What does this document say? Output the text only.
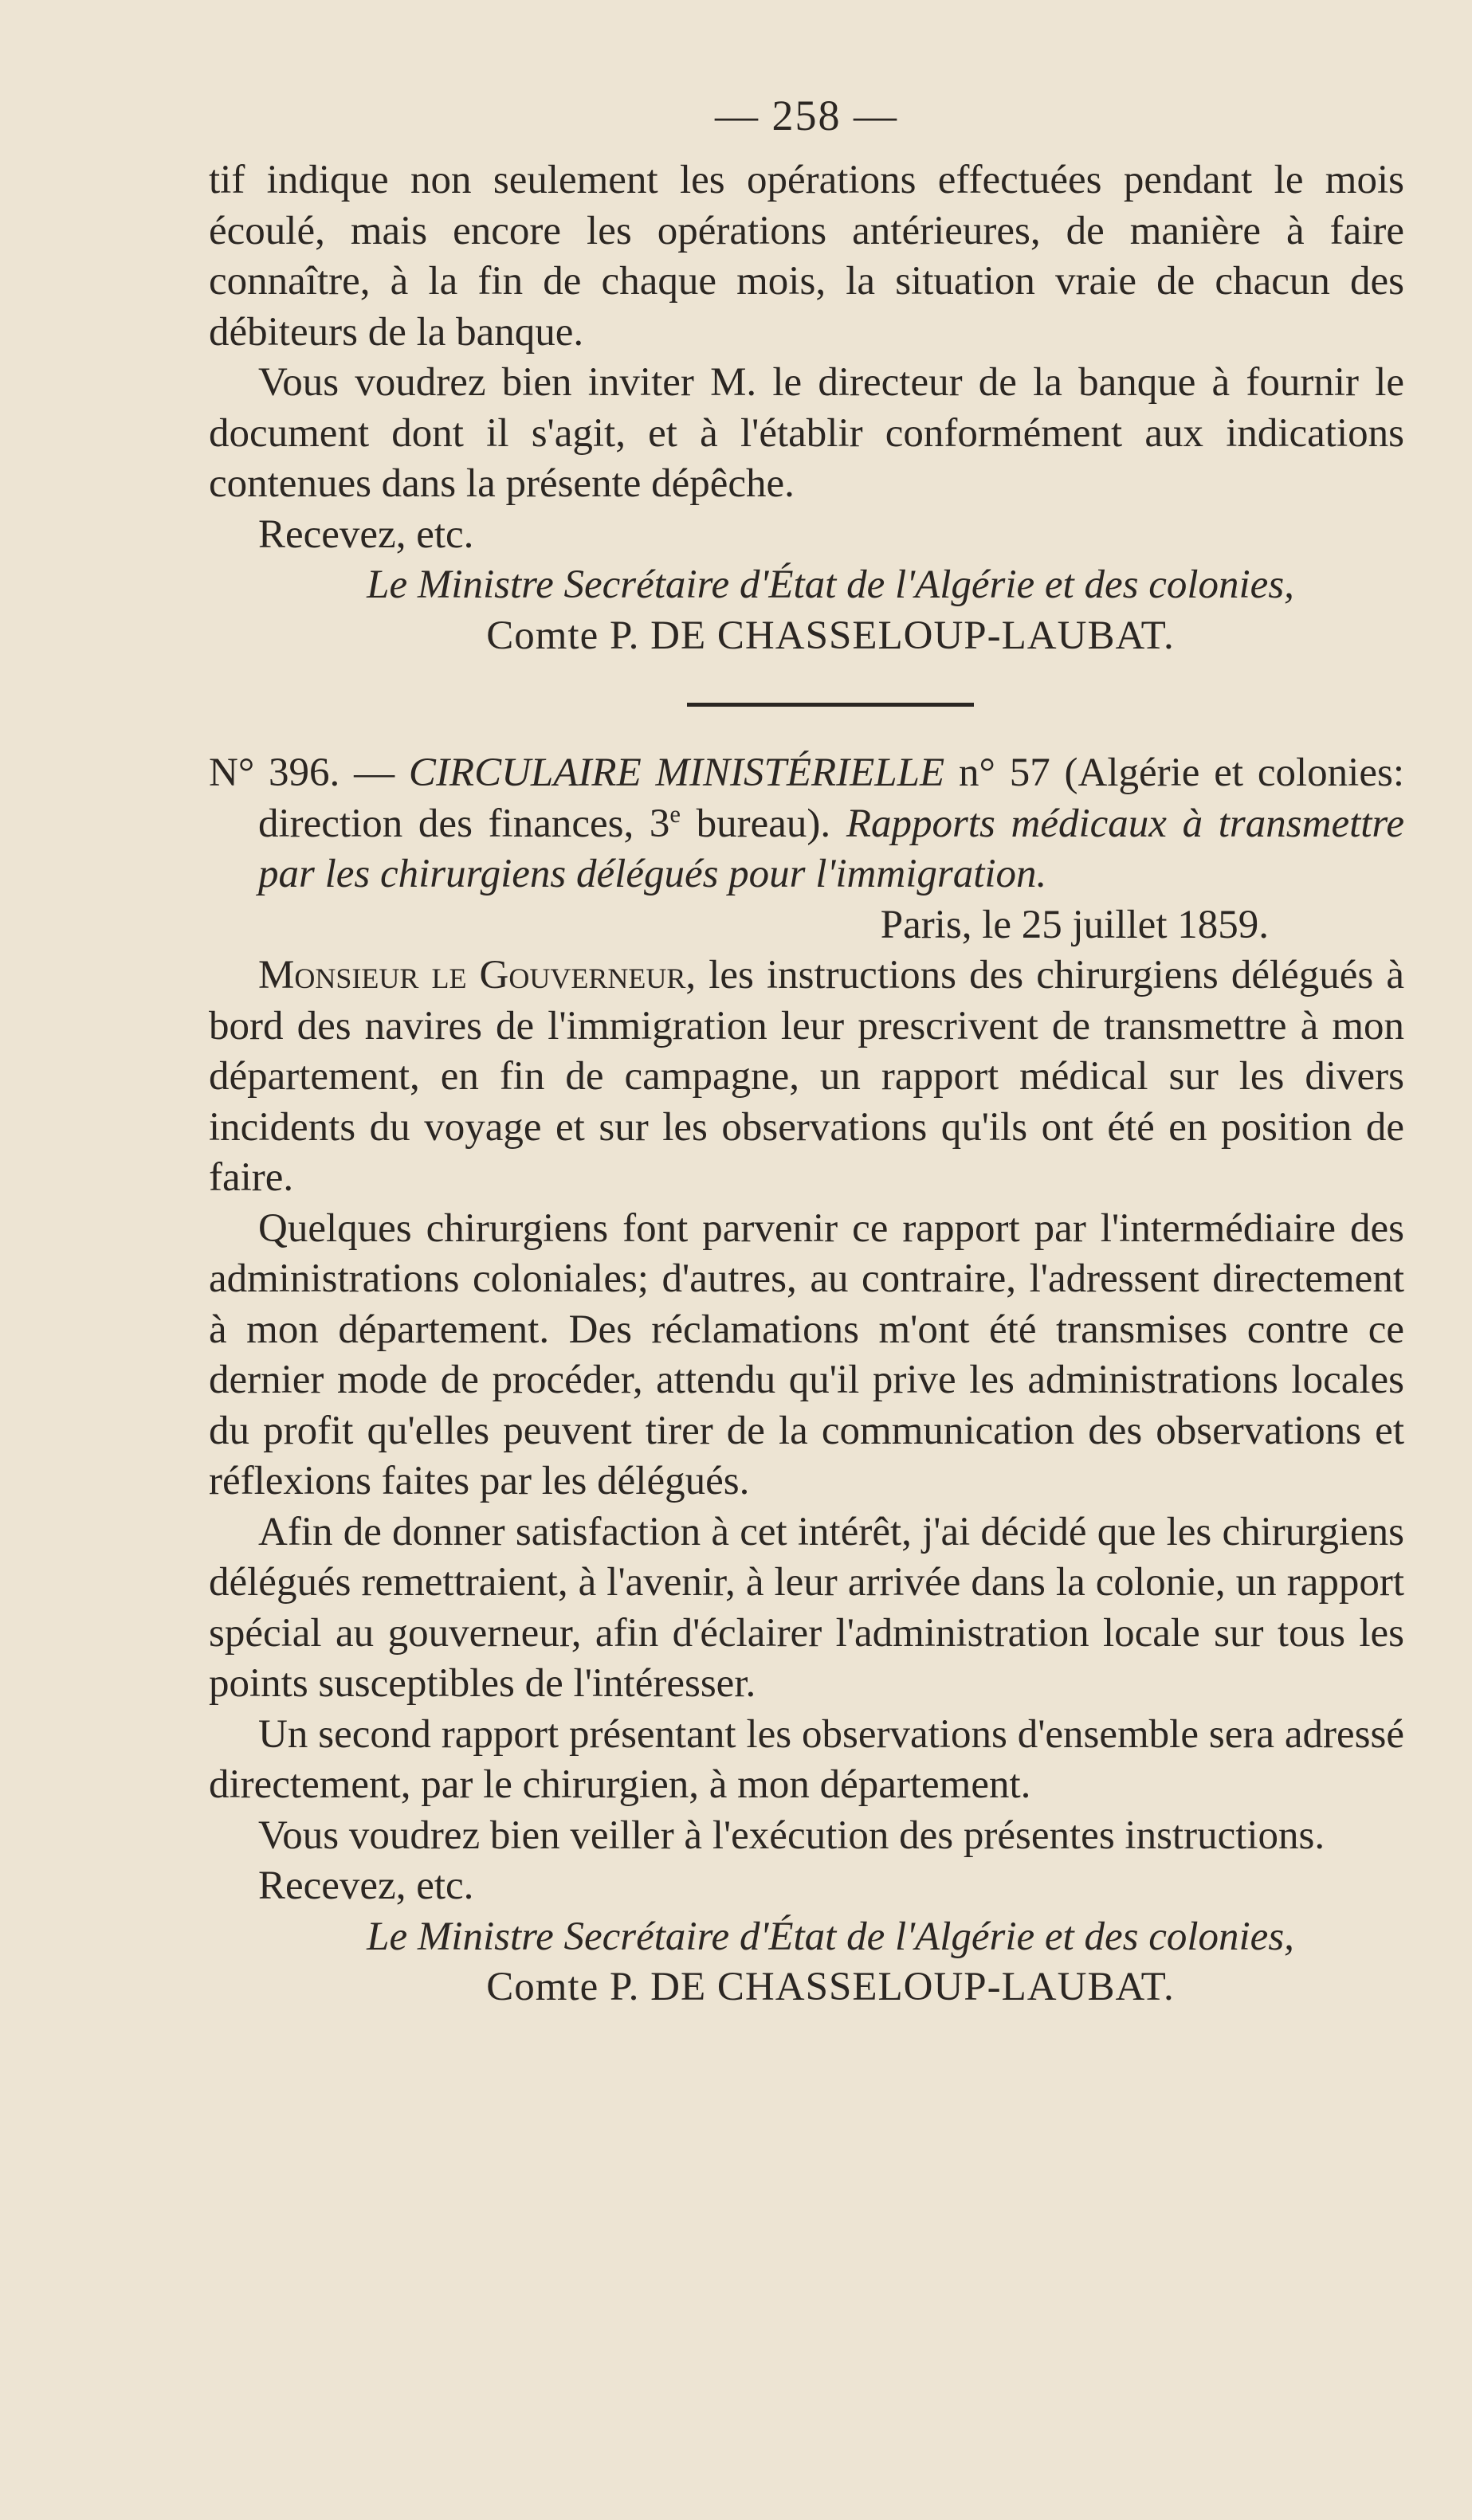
— 258 —

tif indique non seulement les opérations effectuées pendant le mois écoulé, mais encore les opérations antérieures, de manière à faire connaître, à la fin de chaque mois, la situation vraie de chacun des débiteurs de la banque.

Vous voudrez bien inviter M. le directeur de la banque à fournir le document dont il s'agit, et à l'établir conformément aux indications contenues dans la présente dépêche.

Recevez, etc.

Le Ministre Secrétaire d'État de l'Algérie et des colonies,

Comte P. DE CHASSELOUP-LAUBAT.

N° 396. — CIRCULAIRE MINISTÉRIELLE n° 57 (Algérie et colonies: direction des finances, 3e bureau). Rapports médicaux à transmettre par les chirurgiens délégués pour l'immigration.

Paris, le 25 juillet 1859.

Monsieur le Gouverneur, les instructions des chirurgiens délégués à bord des navires de l'immigration leur prescrivent de transmettre à mon département, en fin de campagne, un rapport médical sur les divers incidents du voyage et sur les observations qu'ils ont été en position de faire.

Quelques chirurgiens font parvenir ce rapport par l'intermédiaire des administrations coloniales; d'autres, au contraire, l'adressent directement à mon département. Des réclamations m'ont été transmises contre ce dernier mode de procéder, attendu qu'il prive les administrations locales du profit qu'elles peuvent tirer de la communication des observations et réflexions faites par les délégués.

Afin de donner satisfaction à cet intérêt, j'ai décidé que les chirurgiens délégués remettraient, à l'avenir, à leur arrivée dans la colonie, un rapport spécial au gouverneur, afin d'éclairer l'administration locale sur tous les points susceptibles de l'intéresser.

Un second rapport présentant les observations d'ensemble sera adressé directement, par le chirurgien, à mon département.

Vous voudrez bien veiller à l'exécution des présentes instructions.

Recevez, etc.

Le Ministre Secrétaire d'État de l'Algérie et des colonies,

Comte P. DE CHASSELOUP-LAUBAT.
